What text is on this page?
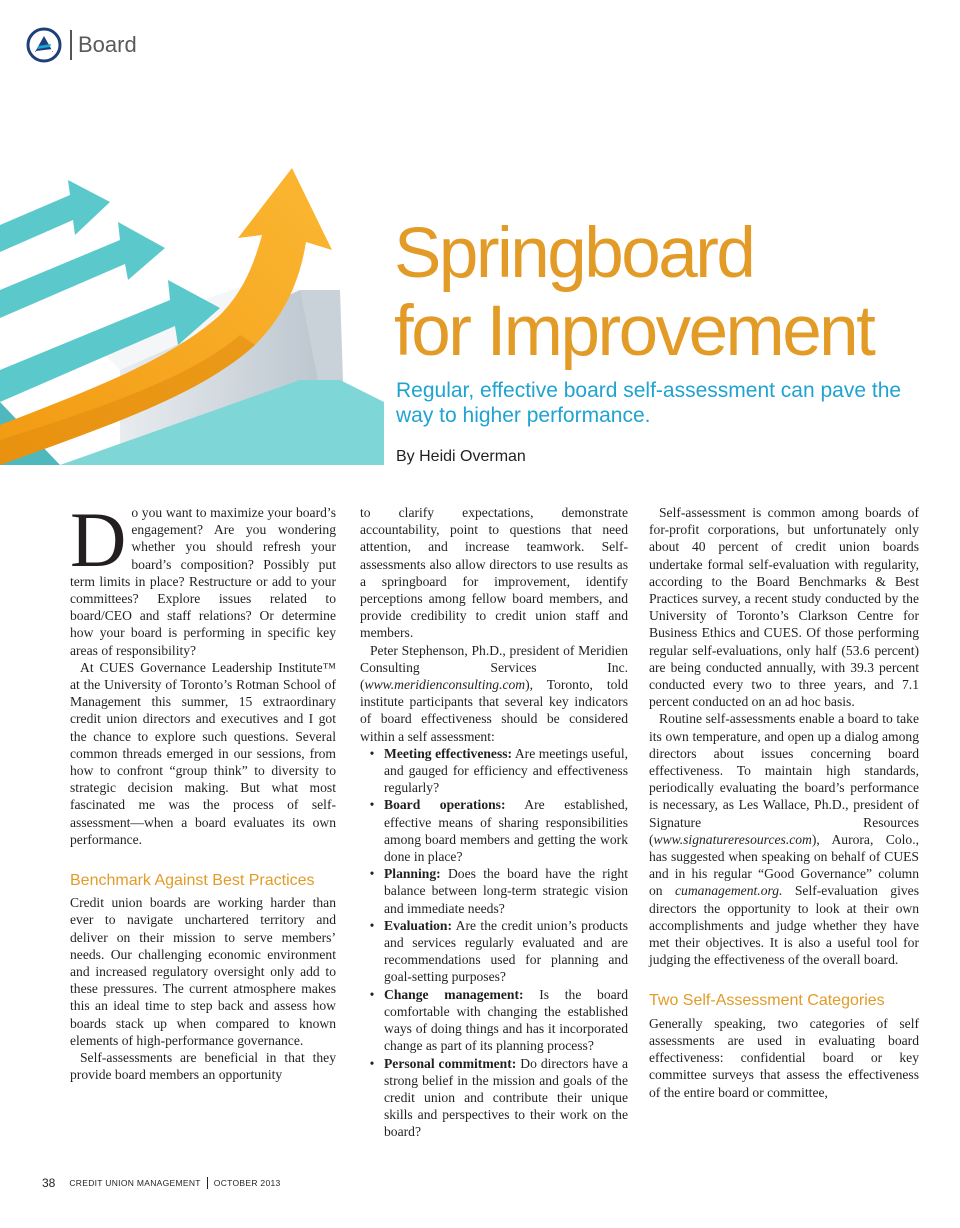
Board
Springboard
for Improvement
Regular, effective board self-assessment can pave the way to higher performance.
By Heidi Overman

Do you want to maximize your board’s engagement? Are you wondering whether you should refresh your board’s composition? Possibly put term limits in place? Restructure or add to your committees? Explore issues related to board/CEO and staff relations? Or determine how your board is performing in specific key areas of responsibility?

At CUES Governance Leadership Institute™ at the University of Toronto’s Rotman School of Management this summer, 15 extraordinary credit union directors and executives and I got the chance to explore such questions. Several common threads emerged in our sessions, from how to confront “group think” to diversity to strategic decision making. But what most fascinated me was the process of self-assessment—when a board evaluates its own performance.

Benchmark Against Best Practices

Credit union boards are working harder than ever to navigate unchartered territory and deliver on their mission to serve members’ needs. Our challenging economic environment and increased regulatory oversight only add to these pressures. The current atmosphere makes this an ideal time to step back and assess how boards stack up when compared to known elements of high-performance governance.

Self-assessments are beneficial in that they provide board members an opportunity

to clarify expectations, demonstrate accountability, point to questions that need attention, and increase teamwork. Self-assessments also allow directors to use results as a springboard for improvement, identify perceptions among fellow board members, and provide credibility to credit union staff and members.

Peter Stephenson, Ph.D., president of Meridien Consulting Services Inc. (www.meridienconsulting.com), Toronto, told institute participants that several key indicators of board effectiveness should be considered within a self assessment:

• Meeting effectiveness: Are meetings useful, and gauged for efficiency and effectiveness regularly?
• Board operations: Are established, effective means of sharing responsibilities among board members and getting the work done in place?
• Planning: Does the board have the right balance between long-term strategic vision and immediate needs?
• Evaluation: Are the credit union’s products and services regularly evaluated and are recommendations used for planning and goal-setting purposes?
• Change management: Is the board comfortable with changing the established ways of doing things and has it incorporated change as part of its planning process?
• Personal commitment: Do directors have a strong belief in the mission and goals of the credit union and contribute their unique skills and perspectives to their work on the board?

Self-assessment is common among boards of for-profit corporations, but unfortunately only about 40 percent of credit union boards undertake formal self-evaluation with regularity, according to the Board Benchmarks & Best Practices survey, a recent study conducted by the University of Toronto’s Clarkson Centre for Business Ethics and CUES. Of those performing regular self-evaluations, only half (53.6 percent) are being conducted annually, with 39.3 percent conducted every two to three years, and 7.1 percent conducted on an ad hoc basis.

Routine self-assessments enable a board to take its own temperature, and open up a dialog among directors about issues concerning board effectiveness. To maintain high standards, periodically evaluating the board’s performance is necessary, as Les Wallace, Ph.D., president of Signature Resources (www.signatureresources.com), Aurora, Colo., has suggested when speaking on behalf of CUES and in his regular “Good Governance” column on cumanagement.org. Self-evaluation gives directors the opportunity to look at their own accomplishments and judge whether they have met their objectives. It is also a useful tool for judging the effectiveness of the overall board.

Two Self-Assessment Categories

Generally speaking, two categories of self assessments are used in evaluating board effectiveness: confidential board or key committee surveys that assess the effectiveness of the entire board or committee,

38 CREDIT UNION MANAGEMENT OCTOBER 2013
